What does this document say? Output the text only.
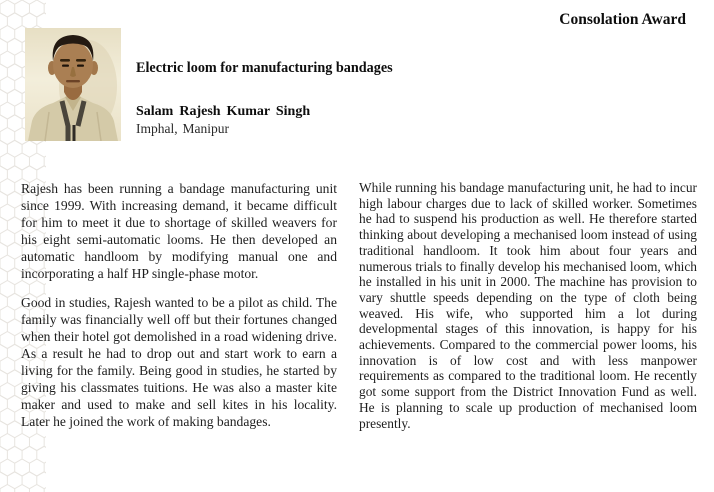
Consolation Award
Electric loom for manufacturing bandages
Salam Rajesh Kumar Singh
Imphal, Manipur

Rajesh has been running a bandage manufacturing unit since 1999. With increasing demand, it became difficult for him to meet it due to shortage of skilled weavers for his eight semi-automatic looms. He then developed an automatic handloom by modifying manual one and incorporating a half HP single-phase motor.

Good in studies, Rajesh wanted to be a pilot as child. The family was financially well off but their fortunes changed when their hotel got demolished in a road widening drive. As a result he had to drop out and start work to earn a living for the family. Being good in studies, he started by giving his classmates tuitions. He was also a master kite maker and used to make and sell kites in his locality. Later he joined the work of making bandages.

While running his bandage manufacturing unit, he had to incur high labour charges due to lack of skilled worker. Sometimes he had to suspend his production as well. He therefore started thinking about developing a mechanised loom instead of using traditional handloom. It took him about four years and numerous trials to finally develop his mechanised loom, which he installed in his unit in 2000. The machine has provision to vary shuttle speeds depending on the type of cloth being weaved. His wife, who supported him a lot during developmental stages of this innovation, is happy for his achievements. Compared to the commercial power looms, his innovation is of low cost and with less manpower requirements as compared to the traditional loom. He recently got some support from the District Innovation Fund as well. He is planning to scale up production of mechanised loom presently.
